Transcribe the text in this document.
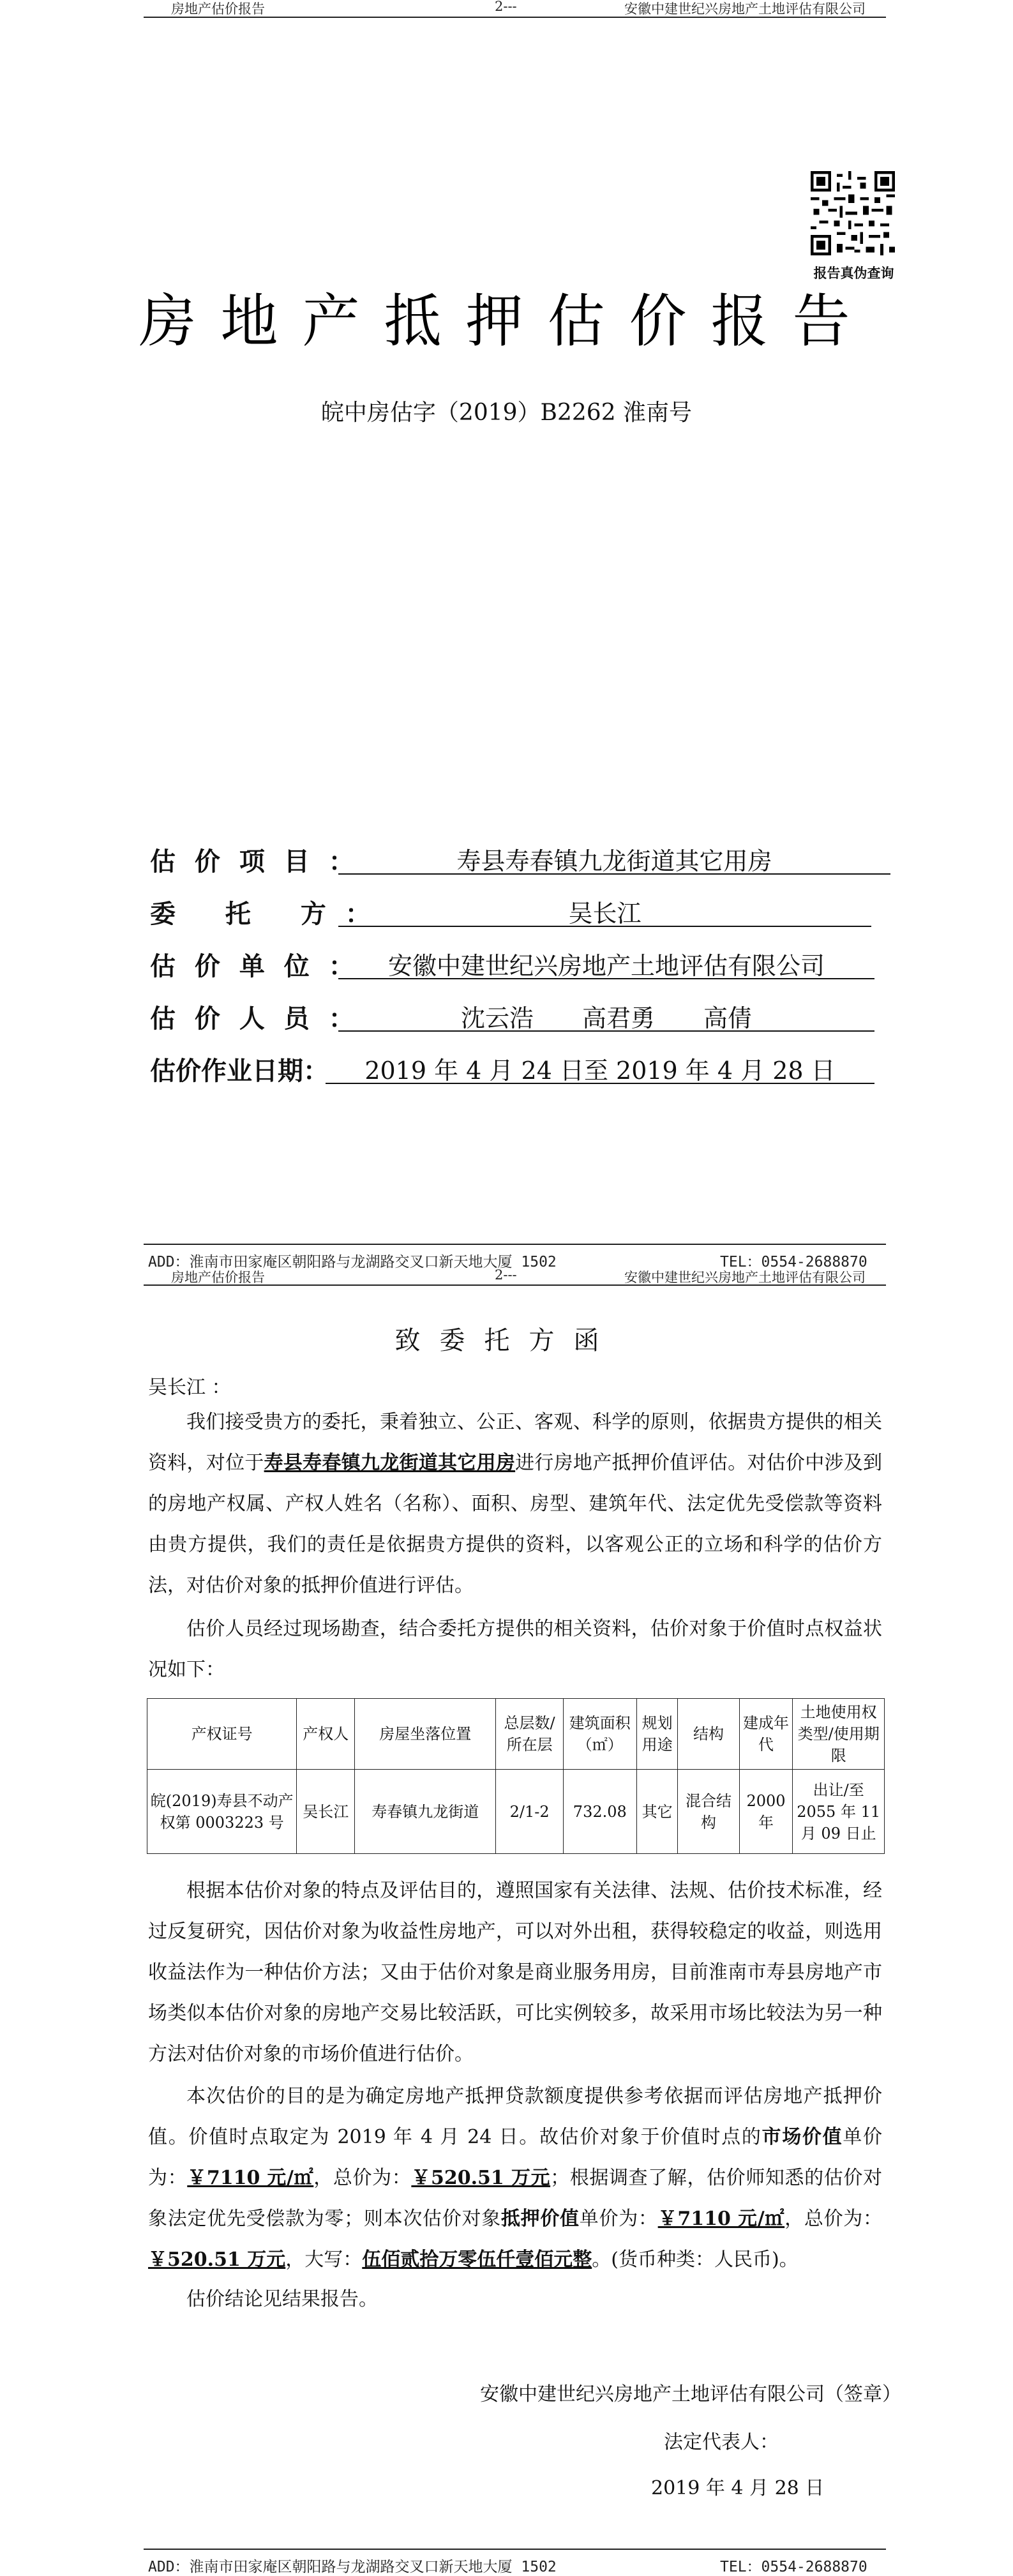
房地产估价报告	2---	安徽中建世纪兴房地产土地评估有限公司
报告真伪查询
房地产抵押估价报告
皖中房估字（2019）B2262 淮南号
估 价 项 目 ：	寿县寿春镇九龙街道其它用房
委　 托　 方 ：	吴长江
估 价 单 位 ：	安徽中建世纪兴房地产土地评估有限公司
估 价 人 员 ：	沈云浩　　高君勇　　高倩
估价作业日期：	2019 年 4 月 24 日至 2019 年 4 月 28 日
ADD：淮南市田家庵区朝阳路与龙湖路交叉口新天地大厦 1502	TEL：0554-2688870
房地产估价报告	2---	安徽中建世纪兴房地产土地评估有限公司
致委托方函
吴长江 ：

我们接受贵方的委托，秉着独立、公正、客观、科学的原则，依据贵方提供的相关资料，对位于寿县寿春镇九龙街道其它用房进行房地产抵押价值评估。对估价中涉及到的房地产权属、产权人姓名（名称）、面积、房型、建筑年代、法定优先受偿款等资料由贵方提供，我们的责任是依据贵方提供的资料，以客观公正的立场和科学的估价方法，对估价对象的抵押价值进行评估。

估价人员经过现场勘查，结合委托方提供的相关资料，估价对象于价值时点权益状况如下：

产权证号	产权人	房屋坐落位置	总层数/所在层	建筑面积（㎡）	规划用途	结构	建成年代	土地使用权类型/使用期限
皖(2019)寿县不动产权第 0003223 号	吴长江	寿春镇九龙街道	2/1-2	732.08	其它	混合结构	2000 年	出让/至 2055 年 11 月 09 日止

根据本估价对象的特点及评估目的，遵照国家有关法律、法规、估价技术标准，经过反复研究，因估价对象为收益性房地产，可以对外出租，获得较稳定的收益，则选用收益法作为一种估价方法；又由于估价对象是商业服务用房，目前淮南市寿县房地产市场类似本估价对象的房地产交易比较活跃，可比实例较多，故采用市场比较法为另一种方法对估价对象的市场价值进行估价。

本次估价的目的是为确定房地产抵押贷款额度提供参考依据而评估房地产抵押价值。价值时点取定为 2019 年 4 月 24 日。故估价对象于价值时点的市场价值单价为：￥7110 元/㎡，总价为：￥520.51 万元；根据调查了解，估价师知悉的估价对象法定优先受偿款为零；则本次估价对象抵押价值单价为：￥7110 元/㎡，总价为：￥520.51 万元，大写：伍佰贰拾万零伍仟壹佰元整。(货币种类：人民币)。

估价结论见结果报告。

安徽中建世纪兴房地产土地评估有限公司（签章）
法定代表人：
2019 年 4 月 28 日
ADD：淮南市田家庵区朝阳路与龙湖路交叉口新天地大厦 1502	TEL：0554-2688870
